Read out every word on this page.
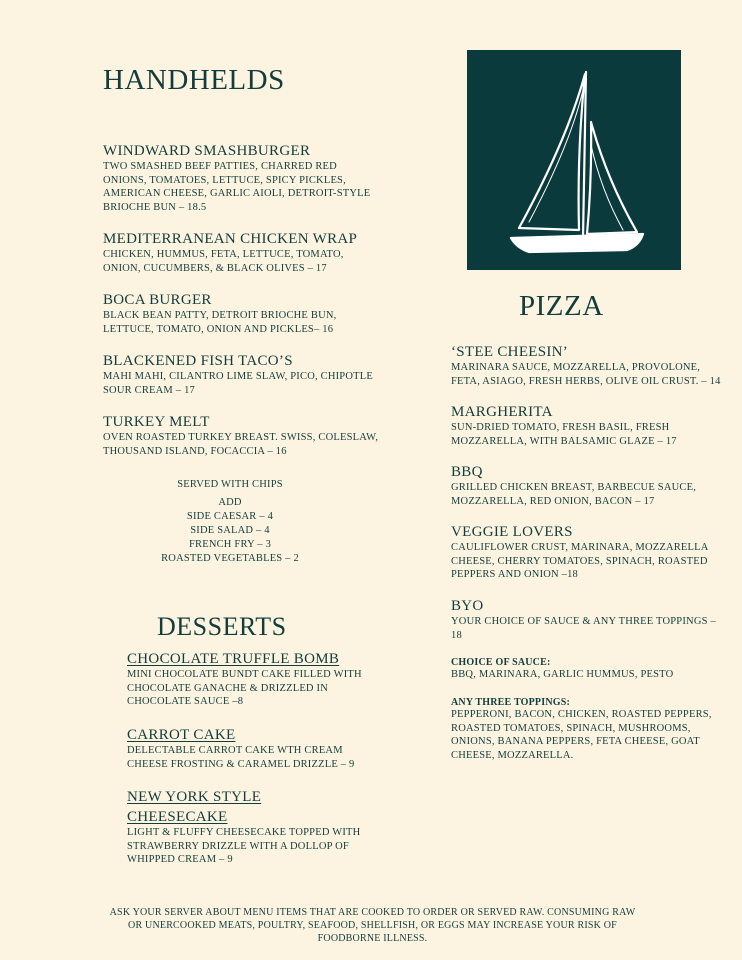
HANDHELDS
WINDWARD SMASHBURGER
TWO SMASHED BEEF PATTIES, CHARRED RED ONIONS, TOMATOES, LETTUCE, SPICY PICKLES, AMERICAN CHEESE, GARLIC AIOLI, DETROIT-STYLE BRIOCHE BUN – 18.5
MEDITERRANEAN CHICKEN WRAP
CHICKEN, HUMMUS, FETA, LETTUCE, TOMATO, ONION, CUCUMBERS, & BLACK OLIVES – 17
BOCA BURGER
BLACK BEAN PATTY, DETROIT BRIOCHE BUN, LETTUCE, TOMATO, ONION AND PICKLES– 16
BLACKENED FISH TACO’S
MAHI MAHI, CILANTRO LIME SLAW, PICO, CHIPOTLE SOUR CREAM – 17
TURKEY MELT
OVEN ROASTED TURKEY BREAST. SWISS, COLESLAW, THOUSAND ISLAND, FOCACCIA – 16
SERVED WITH CHIPS
ADD
SIDE CAESAR – 4
SIDE SALAD – 4
FRENCH FRY – 3
ROASTED VEGETABLES – 2
DESSERTS
CHOCOLATE TRUFFLE BOMB
MINI CHOCOLATE BUNDT CAKE FILLED WITH CHOCOLATE GANACHE & DRIZZLED IN CHOCOLATE SAUCE –8
CARROT CAKE
DELECTABLE CARROT CAKE WTH CREAM CHEESE FROSTING & CARAMEL DRIZZLE – 9
NEW YORK STYLE
CHEESECAKE
LIGHT & FLUFFY CHEESECAKE TOPPED WITH STRAWBERRY DRIZZLE WITH A DOLLOP OF WHIPPED CREAM – 9
PIZZA
‘STEE CHEESIN’
MARINARA SAUCE, MOZZARELLA, PROVOLONE, FETA, ASIAGO, FRESH HERBS, OLIVE OIL CRUST. – 14
MARGHERITA
SUN-DRIED TOMATO, FRESH BASIL, FRESH MOZZARELLA, WITH BALSAMIC GLAZE – 17
BBQ
GRILLED CHICKEN BREAST, BARBECUE SAUCE, MOZZARELLA, RED ONION, BACON – 17
VEGGIE LOVERS
CAULIFLOWER CRUST, MARINARA, MOZZARELLA CHEESE, CHERRY TOMATOES, SPINACH, ROASTED PEPPERS AND ONION –18
BYO
YOUR CHOICE OF SAUCE & ANY THREE TOPPINGS – 18
CHOICE OF SAUCE:
BBQ, MARINARA, GARLIC HUMMUS, PESTO
ANY THREE TOPPINGS:
PEPPERONI, BACON, CHICKEN, ROASTED PEPPERS, ROASTED TOMATOES, SPINACH, MUSHROOMS, ONIONS, BANANA PEPPERS, FETA CHEESE, GOAT CHEESE, MOZZARELLA.
ASK YOUR SERVER ABOUT MENU ITEMS THAT ARE COOKED TO ORDER OR SERVED RAW. CONSUMING RAW OR UNERCOOKED MEATS, POULTRY, SEAFOOD, SHELLFISH, OR EGGS MAY INCREASE YOUR RISK OF FOODBORNE ILLNESS.
